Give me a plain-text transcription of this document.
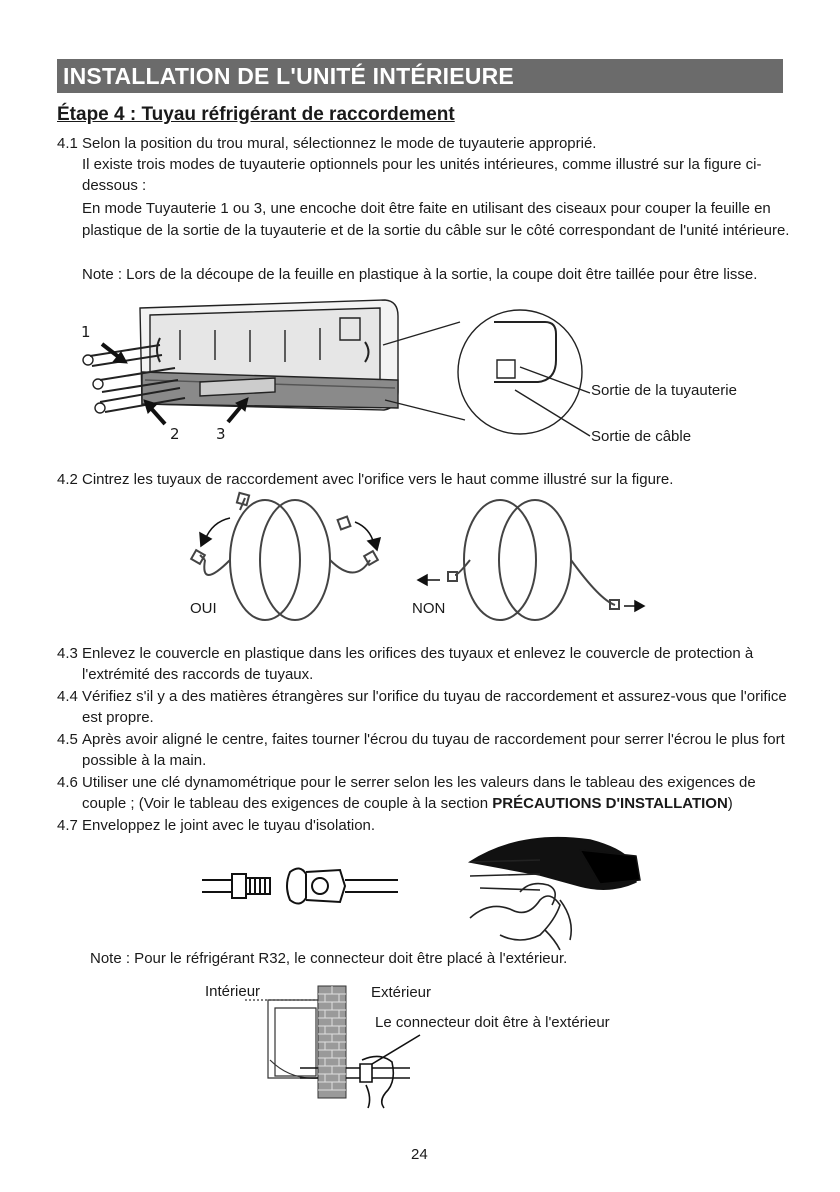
INSTALLATION DE L'UNITÉ INTÉRIEURE
Étape 4 : Tuyau réfrigérant de raccordement
4.1 Selon la position du trou mural, sélectionnez le mode de tuyauterie approprié.
Il existe trois modes de tuyauterie optionnels pour les unités intérieures, comme illustré sur la figure ci-
dessous :
En mode Tuyauterie 1 ou 3, une encoche doit être faite en utilisant des ciseaux pour couper la feuille en
plastique de la sortie de la tuyauterie et de la sortie du câble sur le côté correspondant de l'unité intérieure.
Note : Lors de la découpe de la feuille en plastique à la sortie, la coupe doit être taillée pour être lisse.
1
2 3
Sortie de la tuyauterie
Sortie de câble
4.2 Cintrez les tuyaux de raccordement avec l'orifice vers le haut comme illustré sur la figure.
OUI	NON
4.3 Enlevez le couvercle en plastique dans les orifices des tuyaux et enlevez le couvercle de protection à
l'extrémité des raccords de tuyaux.
4.4 Vérifiez s'il y a des matières étrangères sur l'orifice du tuyau de raccordement et assurez-vous que l'orifice
est propre.
4.5 Après avoir aligné le centre, faites tourner l'écrou du tuyau de raccordement pour serrer l'écrou le plus fort
possible à la main.
4.6 Utiliser une clé dynamométrique pour le serrer selon les les valeurs dans le tableau des exigences de
couple ; (Voir le tableau des exigences de couple à la section PRÉCAUTIONS D'INSTALLATION)
4.7 Enveloppez le joint avec le tuyau d'isolation.
Note : Pour le réfrigérant R32, le connecteur doit être placé à l'extérieur.
Intérieur	Extérieur
Le connecteur doit être à l'extérieur
24
